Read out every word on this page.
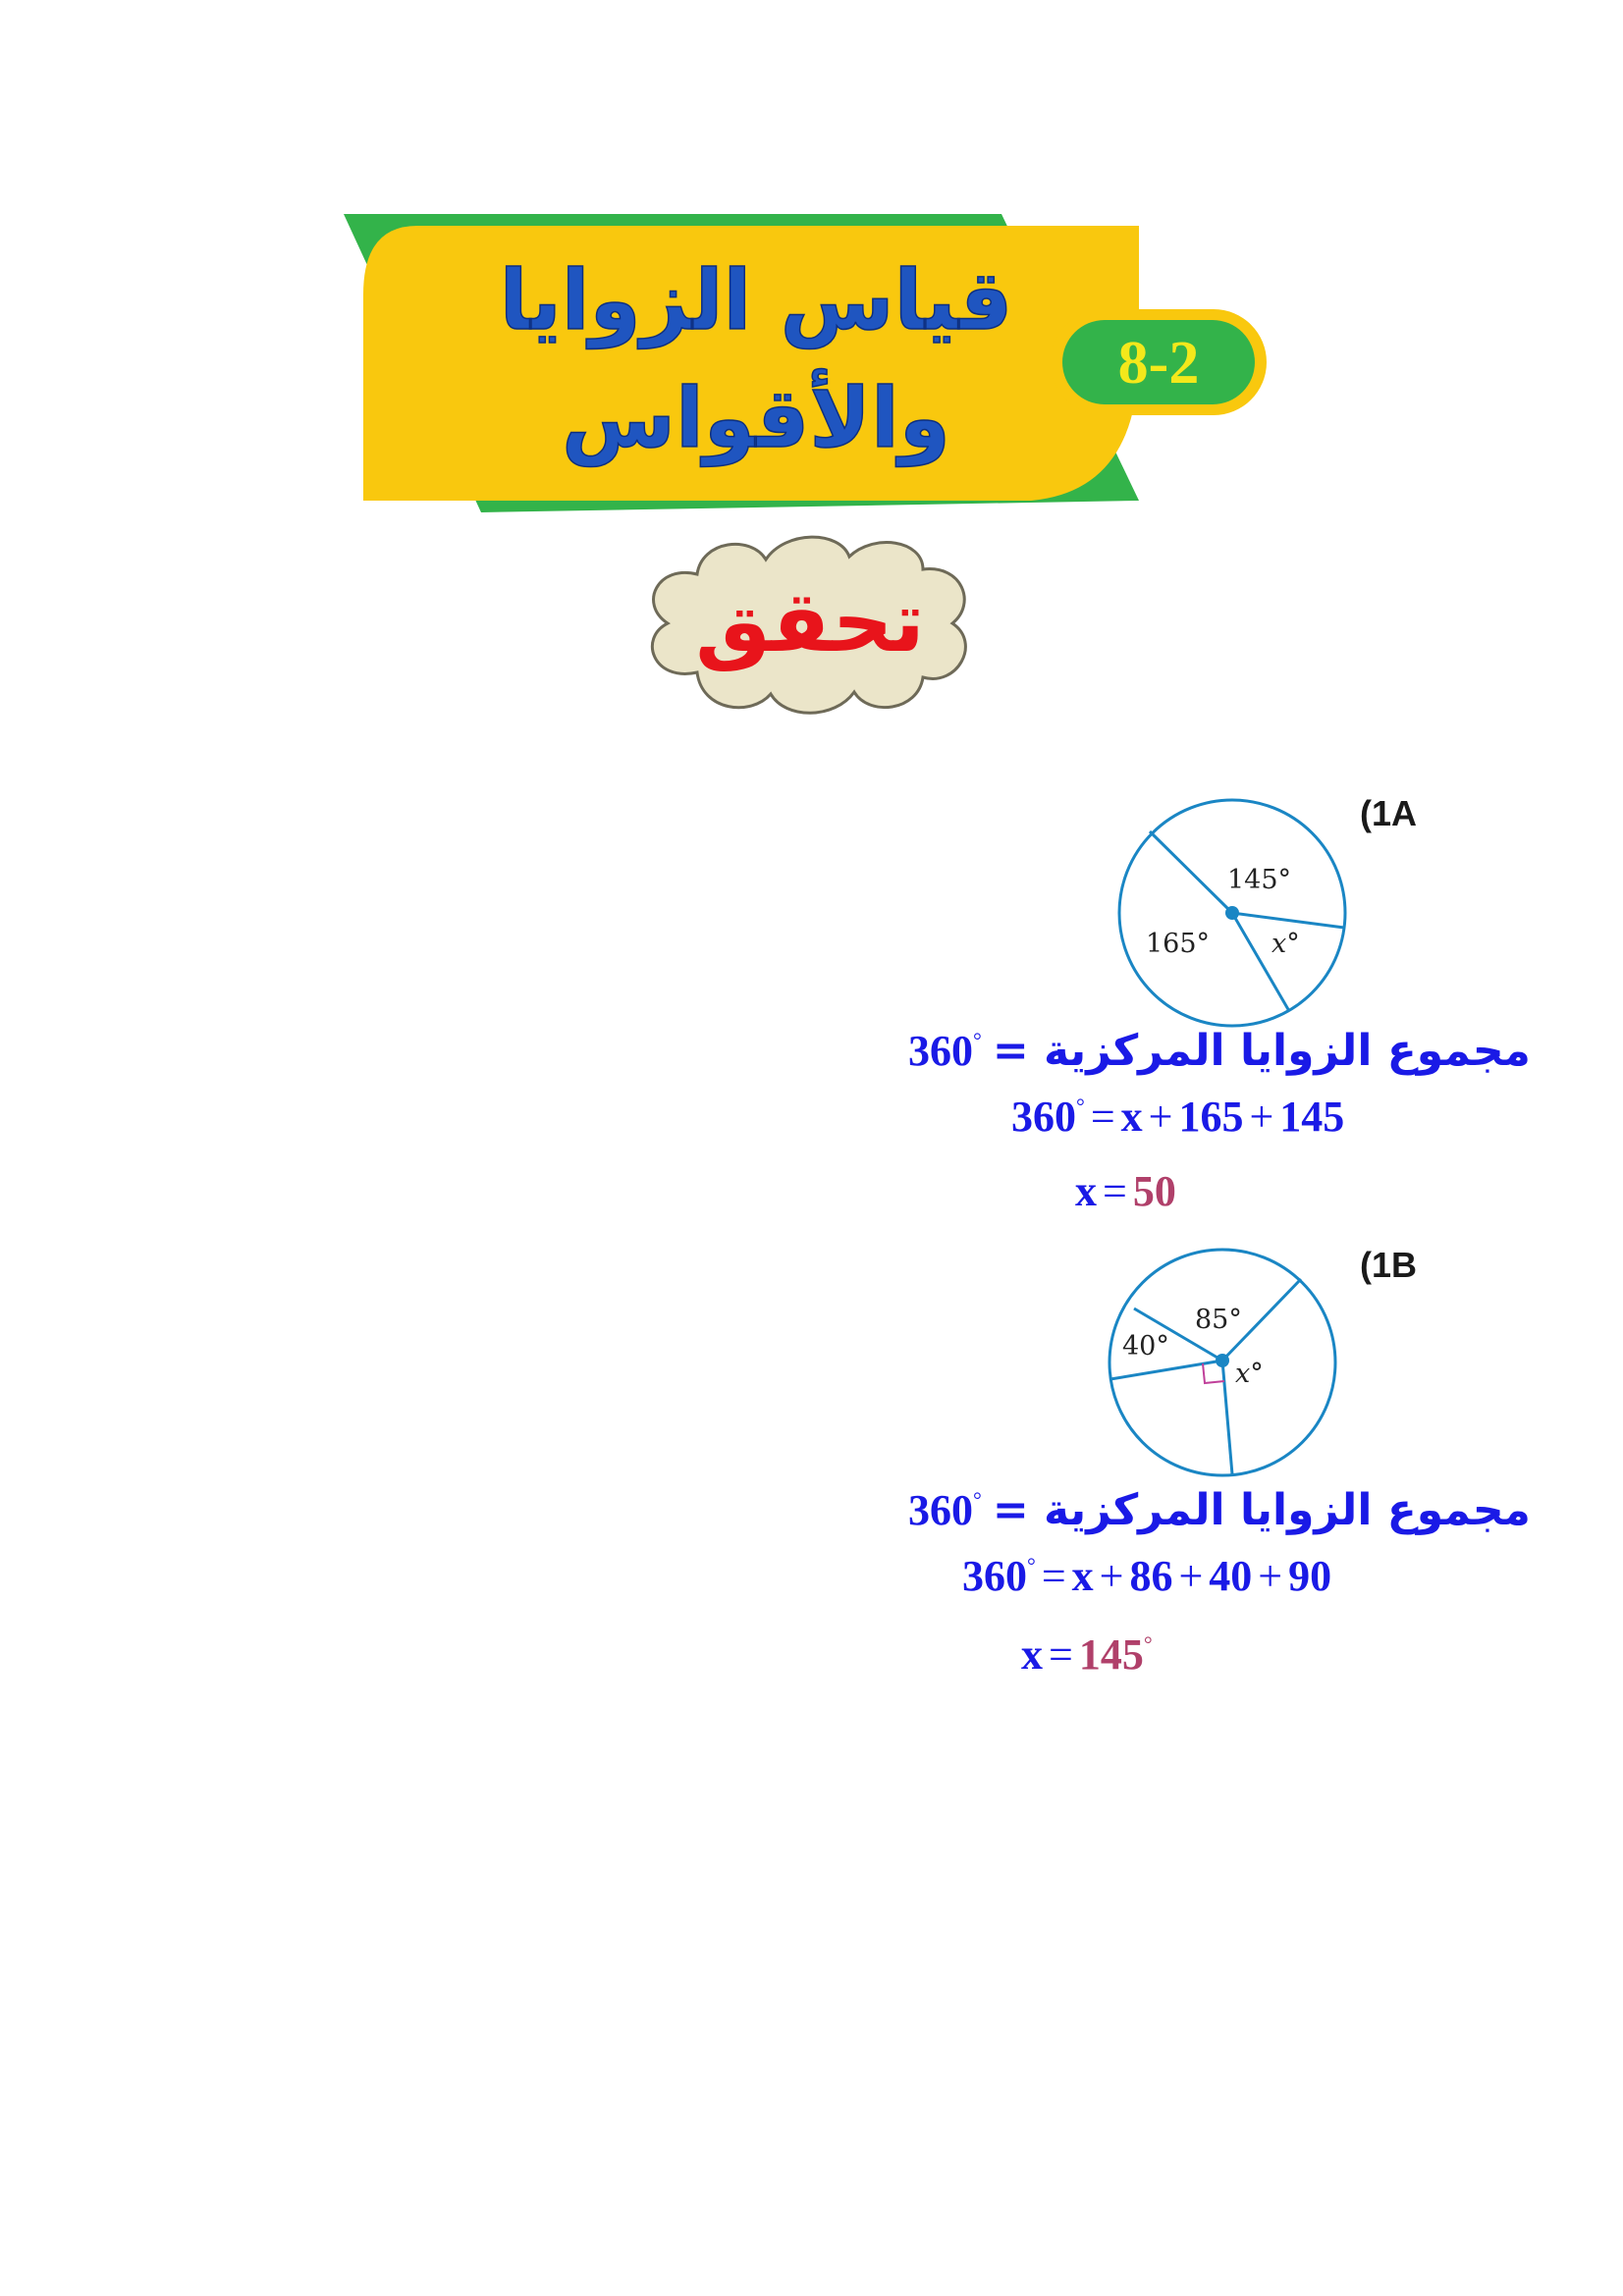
8-2
قياس الزوايا
والأقواس
تحقق
(1A
145°
165° x°
360° مجموع الزوايا المركزية =
360° = x + 165 + 145
x = 50
(1B
85°
40°
x°
360° مجموع الزوايا المركزية =
360° = x + 86 + 40 + 90
x = 145°
